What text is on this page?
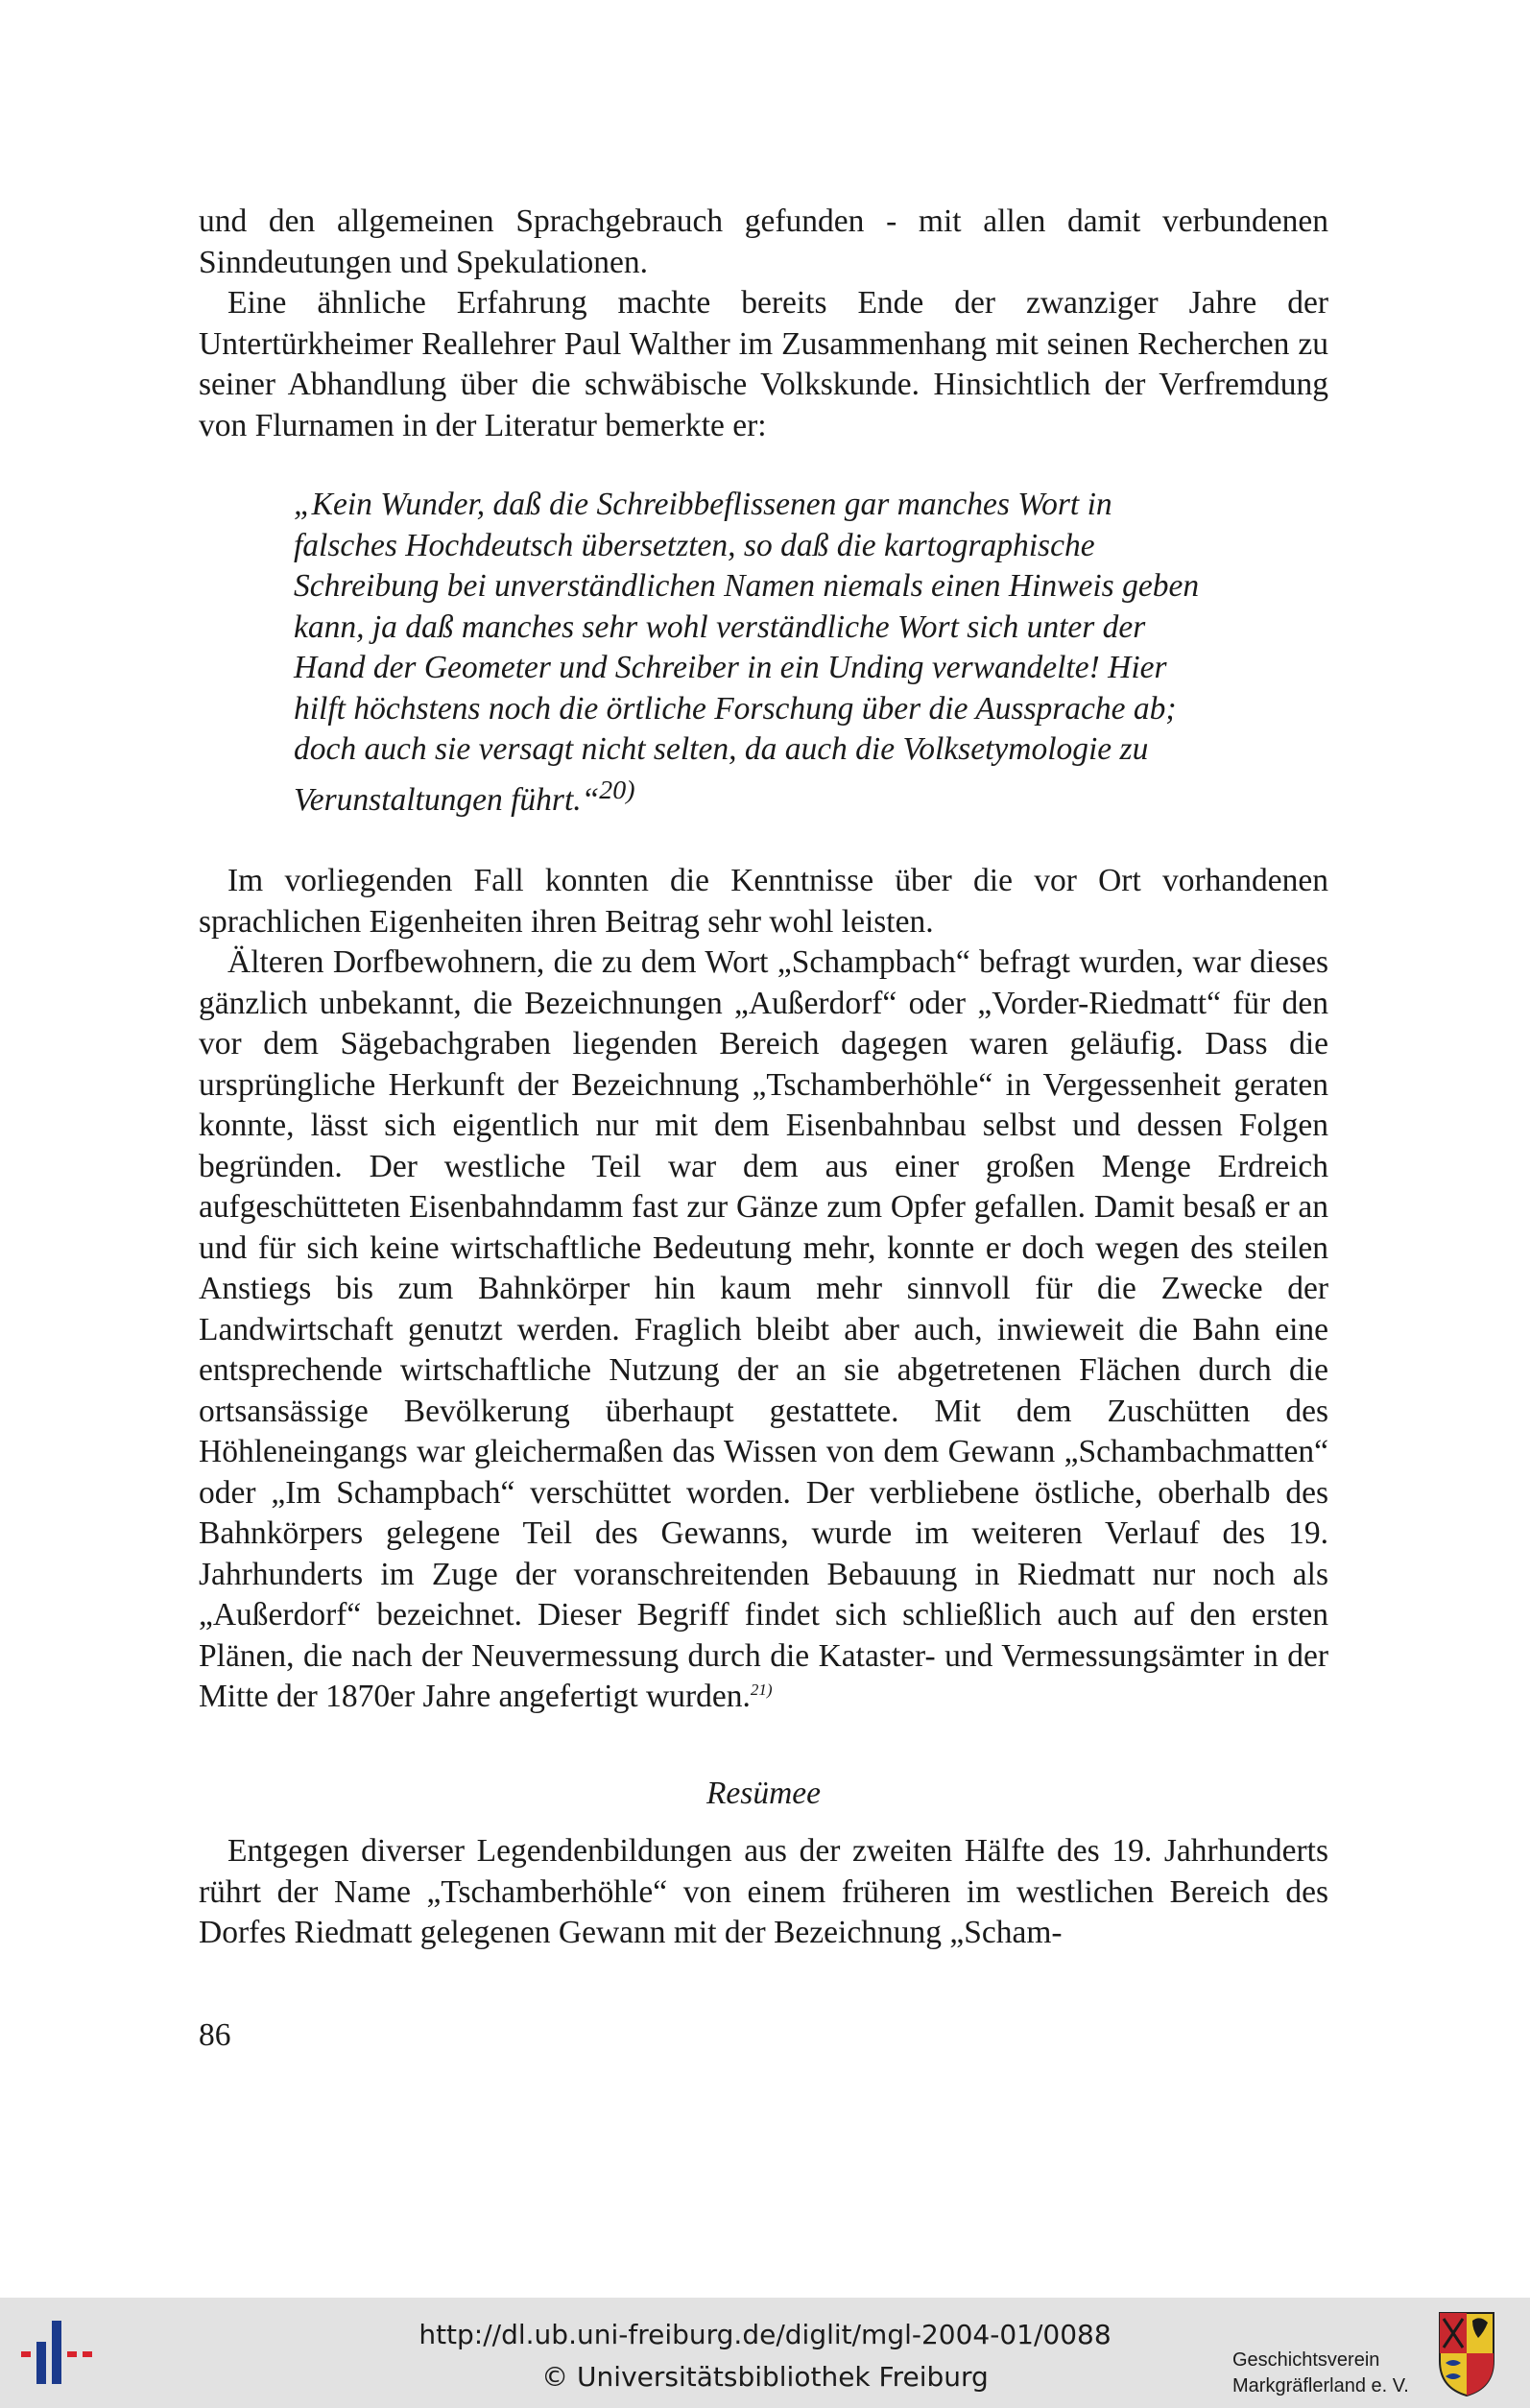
und den allgemeinen Sprachgebrauch gefunden - mit allen damit verbundenen Sinndeutungen und Spekulationen.

Eine ähnliche Erfahrung machte bereits Ende der zwanziger Jahre der Untertürkheimer Reallehrer Paul Walther im Zusammenhang mit seinen Recherchen zu seiner Abhandlung über die schwäbische Volkskunde. Hinsichtlich der Verfremdung von Flurnamen in der Literatur bemerkte er:

„Kein Wunder, daß die Schreibbeflissenen gar manches Wort in falsches Hochdeutsch übersetzten, so daß die kartographische Schreibung bei unverständlichen Namen niemals einen Hinweis geben kann, ja daß manches sehr wohl verständliche Wort sich unter der Hand der Geometer und Schreiber in ein Unding verwandelte! Hier hilft höchstens noch die örtliche Forschung über die Aussprache ab; doch auch sie versagt nicht selten, da auch die Volksetymologie zu Verunstaltungen führt.“$^{20)}$

Im vorliegenden Fall konnten die Kenntnisse über die vor Ort vorhandenen sprachlichen Eigenheiten ihren Beitrag sehr wohl leisten.

Älteren Dorfbewohnern, die zu dem Wort „Schampbach“ befragt wurden, war dieses gänzlich unbekannt, die Bezeichnungen „Außerdorf“ oder „Vorder-Riedmatt“ für den vor dem Sägebachgraben liegenden Bereich dagegen waren geläufig. Dass die ursprüngliche Herkunft der Bezeichnung „Tschamberhöhle“ in Vergessenheit geraten konnte, lässt sich eigentlich nur mit dem Eisenbahnbau selbst und dessen Folgen begründen. Der westliche Teil war dem aus einer großen Menge Erdreich aufgeschütteten Eisenbahndamm fast zur Gänze zum Opfer gefallen. Damit besaß er an und für sich keine wirtschaftliche Bedeutung mehr, konnte er doch wegen des steilen Anstiegs bis zum Bahnkörper hin kaum mehr sinnvoll für die Zwecke der Landwirtschaft genutzt werden. Fraglich bleibt aber auch, inwieweit die Bahn eine entsprechende wirtschaftliche Nutzung der an sie abgetretenen Flächen durch die ortsansässige Bevölkerung überhaupt gestattete. Mit dem Zuschütten des Höhleneingangs war gleichermaßen das Wissen von dem Gewann „Schambachmatten“ oder „Im Schampbach“ verschüttet worden. Der verbliebene östliche, oberhalb des Bahnkörpers gelegene Teil des Gewanns, wurde im weiteren Verlauf des 19. Jahrhunderts im Zuge der voranschreitenden Bebauung in Riedmatt nur noch als „Außerdorf“ bezeichnet. Dieser Begriff findet sich schließlich auch auf den ersten Plänen, die nach der Neuvermessung durch die Kataster- und Vermessungsämter in der Mitte der 1870er Jahre angefertigt wurden.$^{21)}$

Resümee

Entgegen diverser Legendenbildungen aus der zweiten Hälfte des 19. Jahrhunderts rührt der Name „Tschamberhöhle“ von einem früheren im westlichen Bereich des Dorfes Riedmatt gelegenen Gewann mit der Bezeichnung „Scham-

86
http://dl.ub.uni-freiburg.de/diglit/mgl-2004-01/0088
© Universitätsbibliothek Freiburg
Geschichtsverein
Markgräflerland e. V.
